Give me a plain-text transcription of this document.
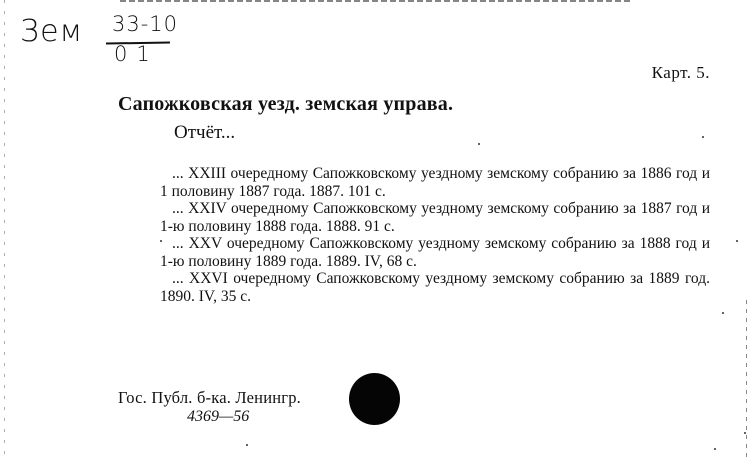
Зем 33-10
01
Карт. 5.
Сапожковская уезд. земская управа.
Отчёт...
... XXIII очередному Сапожковскому уездному земскому собранию за 1886 год и 1 половину 1887 года. 1887. 101 с.
... XXIV очередному Сапожковскому уездному земскому собранию за 1887 год и 1-ю половину 1888 года. 1888. 91 с.
... XXV очередному Сапожковскому уездному земскому собранию за 1888 год и 1-ю половину 1889 года. 1889. IV, 68 с.
... XXVI очередному Сапожковскому уездному земскому собранию за 1889 год. 1890. IV, 35 с.
Гос. Публ. б-ка. Ленингр.
4369—56
